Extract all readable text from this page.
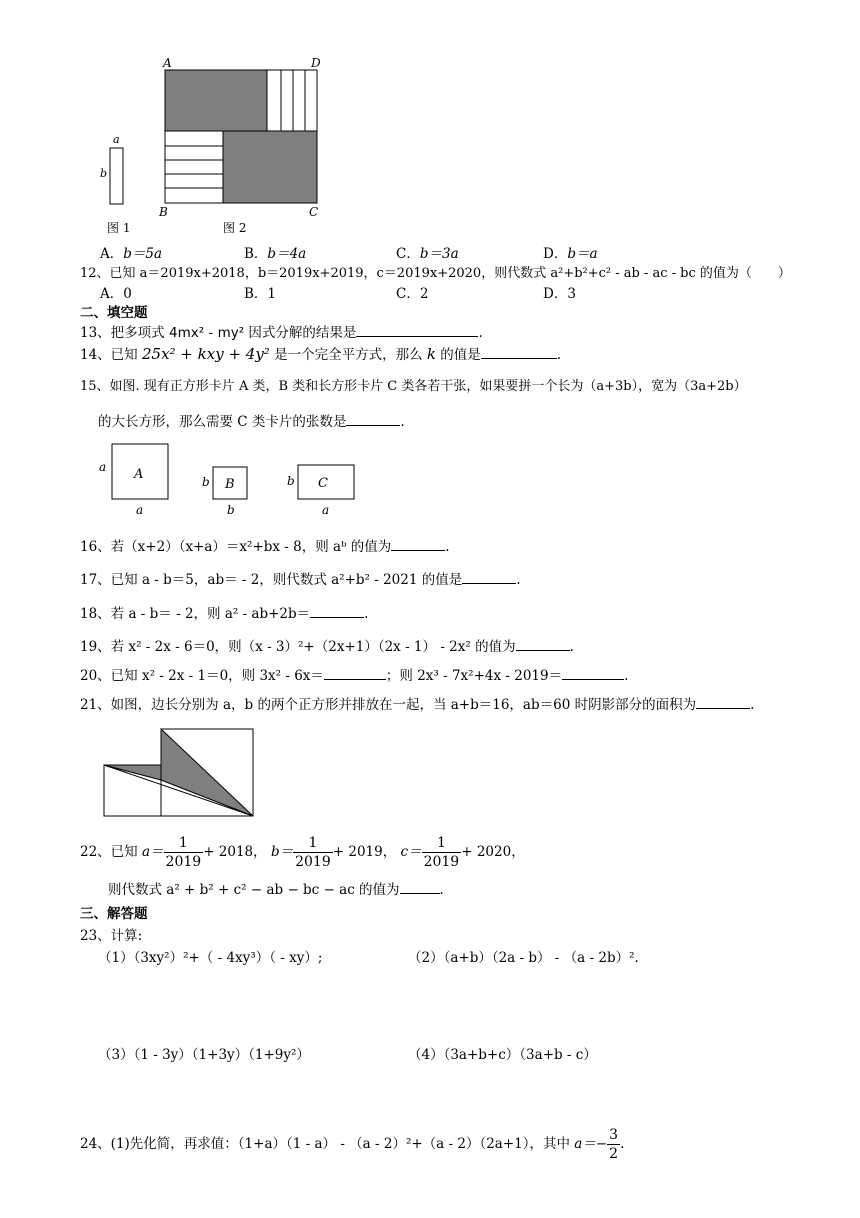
A	D
B	C
a
b
图 1	图 2
A．b＝5a	B．b＝4a	C．b＝3a	D．b＝a
12、已知 a＝2019x+2018，b＝2019x+2019，c＝2019x+2020，则代数式 a²+b²+c² - ab - ac - bc 的值为（　　）
A．0	B．1	C．2	D．3
二、填空题
13、把多项式 4mx² - my² 因式分解的结果是	.
14、已知 25x² + kxy + 4y² 是一个完全平方式，那么 k 的值是	.
15、如图. 现有正方形卡片 A 类，B 类和长方形卡片 C 类各若干张，如果要拼一个长为（a+3b），宽为（3a+2b）
的大长方形，那么需要 C 类卡片的张数是	.
A
B	C
a
a
b
b
b
a
16、若（x+2）（x+a）＝x²+bx - 8，则 aᵇ 的值为	.
17、已知 a - b＝5，ab＝ - 2，则代数式 a²+b² - 2021 的值是	.
18、若 a - b＝ - 2，则 a² - ab+2b＝	.
19、若 x² - 2x - 6＝0，则（x - 3）²+（2x+1）（2x - 1） - 2x² 的值为	.
20、已知 x² - 2x - 1＝0，则 3x² - 6x＝	；则 2x³ - 7x²+4x - 2019＝	.
21、如图，边长分别为 a，b 的两个正方形并排放在一起，当 a+b＝16，ab＝60 时阴影部分的面积为	.
22、已知 $a= \frac{1}{2019} + 2018$， $b= \frac{1}{2019} + 2019$， $c= \frac{1}{2019} + 2020$，
则代数式 a² + b² + c² − ab − bc − ac 的值为	.
三、解答题
23、计算:
（1）（3xy²）²+（ - 4xy³）（ - xy）;	（2）（a+b）（2a - b） - （a - 2b）².
（3）（1 - 3y）（1+3y）（1+9y²）	（4）（3a+b+c）（3a+b - c）
24、(1)先化简，再求值：（1+a）（1 - a） - （a - 2）²+（a - 2）（2a+1），其中 $a=- \frac{3}{2}$ .
